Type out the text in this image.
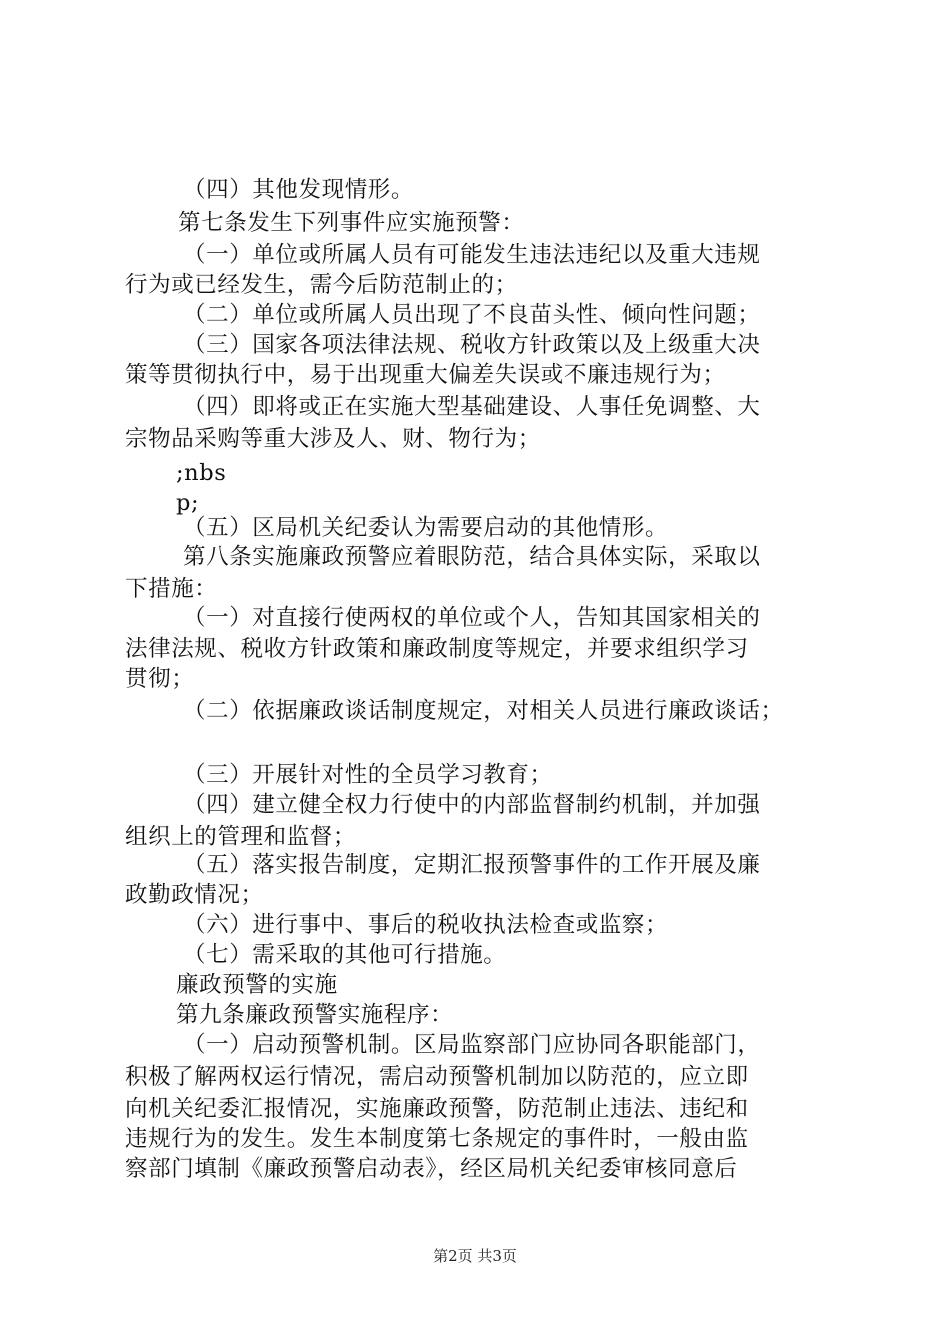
（四）其他发现情形。
第七条发生下列事件应实施预警：
（一）单位或所属人员有可能发生违法违纪以及重大违规
行为或已经发生，需今后防范制止的；
（二）单位或所属人员出现了不良苗头性、倾向性问题；
（三）国家各项法律法规、税收方针政策以及上级重大决
策等贯彻执行中，易于出现重大偏差失误或不廉违规行为；
（四）即将或正在实施大型基础建设、人事任免调整、大
宗物品采购等重大涉及人、财、物行为；
;nbs
p;
（五）区局机关纪委认为需要启动的其他情形。
第八条实施廉政预警应着眼防范，结合具体实际，采取以
下措施：
（一）对直接行使两权的单位或个人，告知其国家相关的
法律法规、税收方针政策和廉政制度等规定，并要求组织学习
贯彻；
（二）依据廉政谈话制度规定，对相关人员进行廉政谈话；
（三）开展针对性的全员学习教育；
（四）建立健全权力行使中的内部监督制约机制，并加强
组织上的管理和监督；
（五）落实报告制度，定期汇报预警事件的工作开展及廉
政勤政情况；
（六）进行事中、事后的税收执法检查或监察；
（七）需采取的其他可行措施。
廉政预警的实施
第九条廉政预警实施程序：
（一）启动预警机制。区局监察部门应协同各职能部门，
积极了解两权运行情况，需启动预警机制加以防范的，应立即
向机关纪委汇报情况，实施廉政预警，防范制止违法、违纪和
违规行为的发生。发生本制度第七条规定的事件时，一般由监
察部门填制《廉政预警启动表》，经区局机关纪委审核同意后
第2页 共3页
